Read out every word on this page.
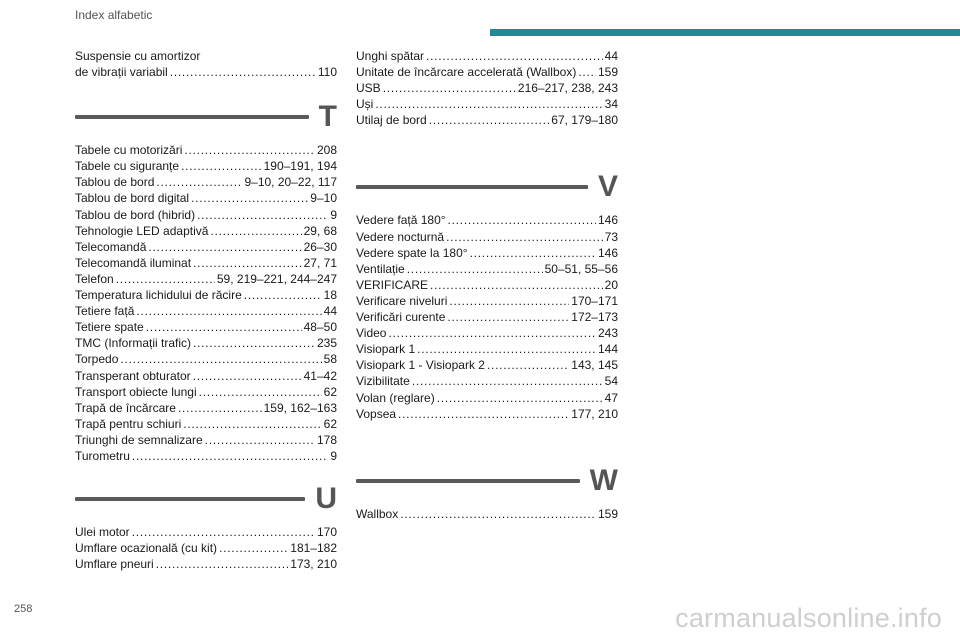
Index alfabetic
Suspensie cu amortizor
de vibrații variabil . . .	110
T
Tabele cu motorizări . . .	208
Tabele cu siguranțe . . .	190–191, 194
Tablou de bord . . .	9–10, 20–22, 117
Tablou de bord digital . . .	9–10
Tablou de bord (hibrid) . . .	9
Tehnologie LED adaptivă . . .	29, 68
Telecomandă . . .	26–30
Telecomandă iluminat . . .	27, 71
Telefon . . .	59, 219–221, 244–247
Temperatura lichidului de răcire . . .	18
Tetiere față . . .	44
Tetiere spate . . .	48–50
TMC (Informații trafic) . . .	235
Torpedo . . .	58
Transperant obturator . . .	41–42
Transport obiecte lungi . . .	62
Trapă de încărcare . . .	159, 162–163
Trapă pentru schiuri . . .	62
Triunghi de semnalizare . . .	178
Turometru . . .	9
U
Ulei motor . . .	170
Umflare ocazională (cu kit) . . .	181–182
Umflare pneuri . . .	173, 210
Unghi spătar . . .	44
Unitate de încărcare accelerată (Wallbox) . . . 159
USB . . .	216–217, 238, 243
Uși . . .	34
Utilaj de bord . . .	67, 179–180
V
Vedere față 180° . . .	146
Vedere nocturnă . . .	73
Vedere spate la 180° . . .	146
Ventilație . . .	50–51, 55–56
VERIFICARE . . .	20
Verificare niveluri . . .	170–171
Verificări curente . . .	172–173
Video . . .	243
Visiopark 1 . . .	144
Visiopark 1 - Visiopark 2 . . .	143, 145
Vizibilitate . . .	54
Volan (reglare) . . .	47
Vopsea . . .	177, 210
W
Wallbox . . .	159
258	carmanualsonline.info
